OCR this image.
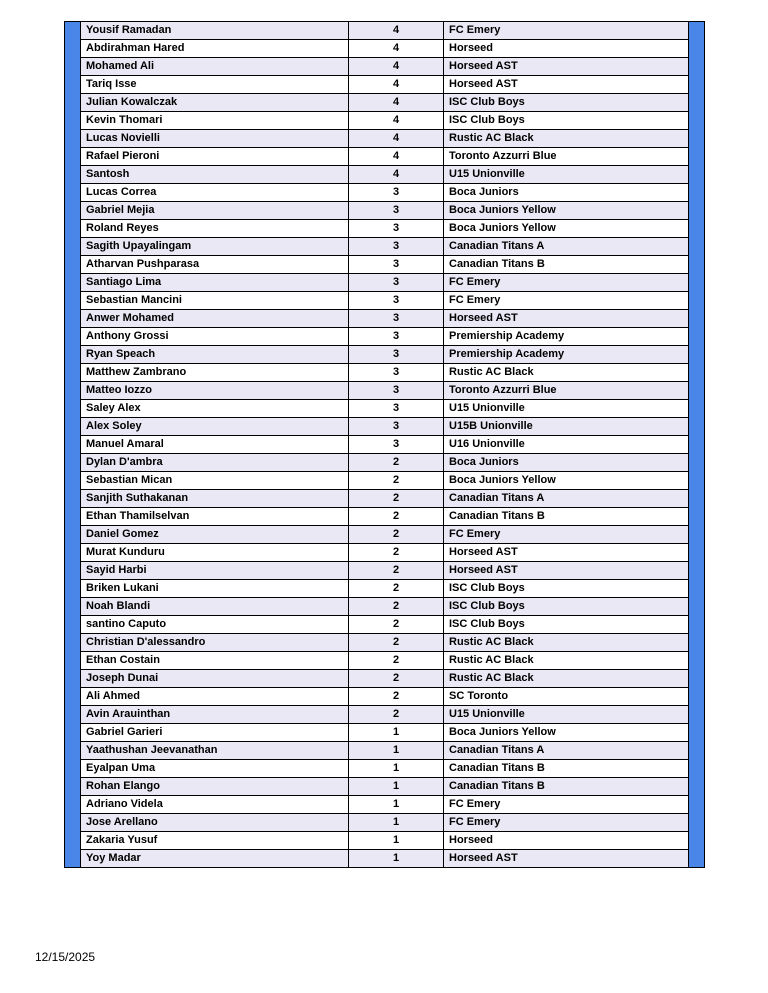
Yousif Ramadan	4	FC Emery
Abdirahman Hared	4	Horseed
Mohamed Ali	4	Horseed AST
Tariq Isse	4	Horseed AST
Julian Kowalczak	4	ISC Club Boys
Kevin Thomari	4	ISC Club Boys
Lucas Novielli	4	Rustic AC Black
Rafael Pieroni	4	Toronto Azzurri Blue
Santosh	4	U15 Unionville
Lucas Correa	3	Boca Juniors
Gabriel Mejia	3	Boca Juniors Yellow
Roland Reyes	3	Boca Juniors Yellow
Sagith Upayalingam	3	Canadian Titans A
Atharvan Pushparasa	3	Canadian Titans B
Santiago Lima	3	FC Emery
Sebastian Mancini	3	FC Emery
Anwer Mohamed	3	Horseed AST
Anthony Grossi	3	Premiership Academy
Ryan Speach	3	Premiership Academy
Matthew Zambrano	3	Rustic AC Black
Matteo Iozzo	3	Toronto Azzurri Blue
Saley Alex	3	U15 Unionville
Alex Soley	3	U15B Unionville
Manuel Amaral	3	U16 Unionville
Dylan D'ambra	2	Boca Juniors
Sebastian Mican	2	Boca Juniors Yellow
Sanjith Suthakanan	2	Canadian Titans A
Ethan Thamilselvan	2	Canadian Titans B
Daniel Gomez	2	FC Emery
Murat Kunduru	2	Horseed AST
Sayid Harbi	2	Horseed AST
Briken Lukani	2	ISC Club Boys
Noah Blandi	2	ISC Club Boys
santino Caputo	2	ISC Club Boys
Christian D'alessandro	2	Rustic AC Black
Ethan Costain	2	Rustic AC Black
Joseph Dunai	2	Rustic AC Black
Ali Ahmed	2	SC Toronto
Avin Arauinthan	2	U15 Unionville
Gabriel Garieri	1	Boca Juniors Yellow
Yaathushan Jeevanathan	1	Canadian Titans A
Eyalpan Uma	1	Canadian Titans B
Rohan Elango	1	Canadian Titans B
Adriano Videla	1	FC Emery
Jose Arellano	1	FC Emery
Zakaria Yusuf	1	Horseed
Yoy Madar	1	Horseed AST
12/15/2025
